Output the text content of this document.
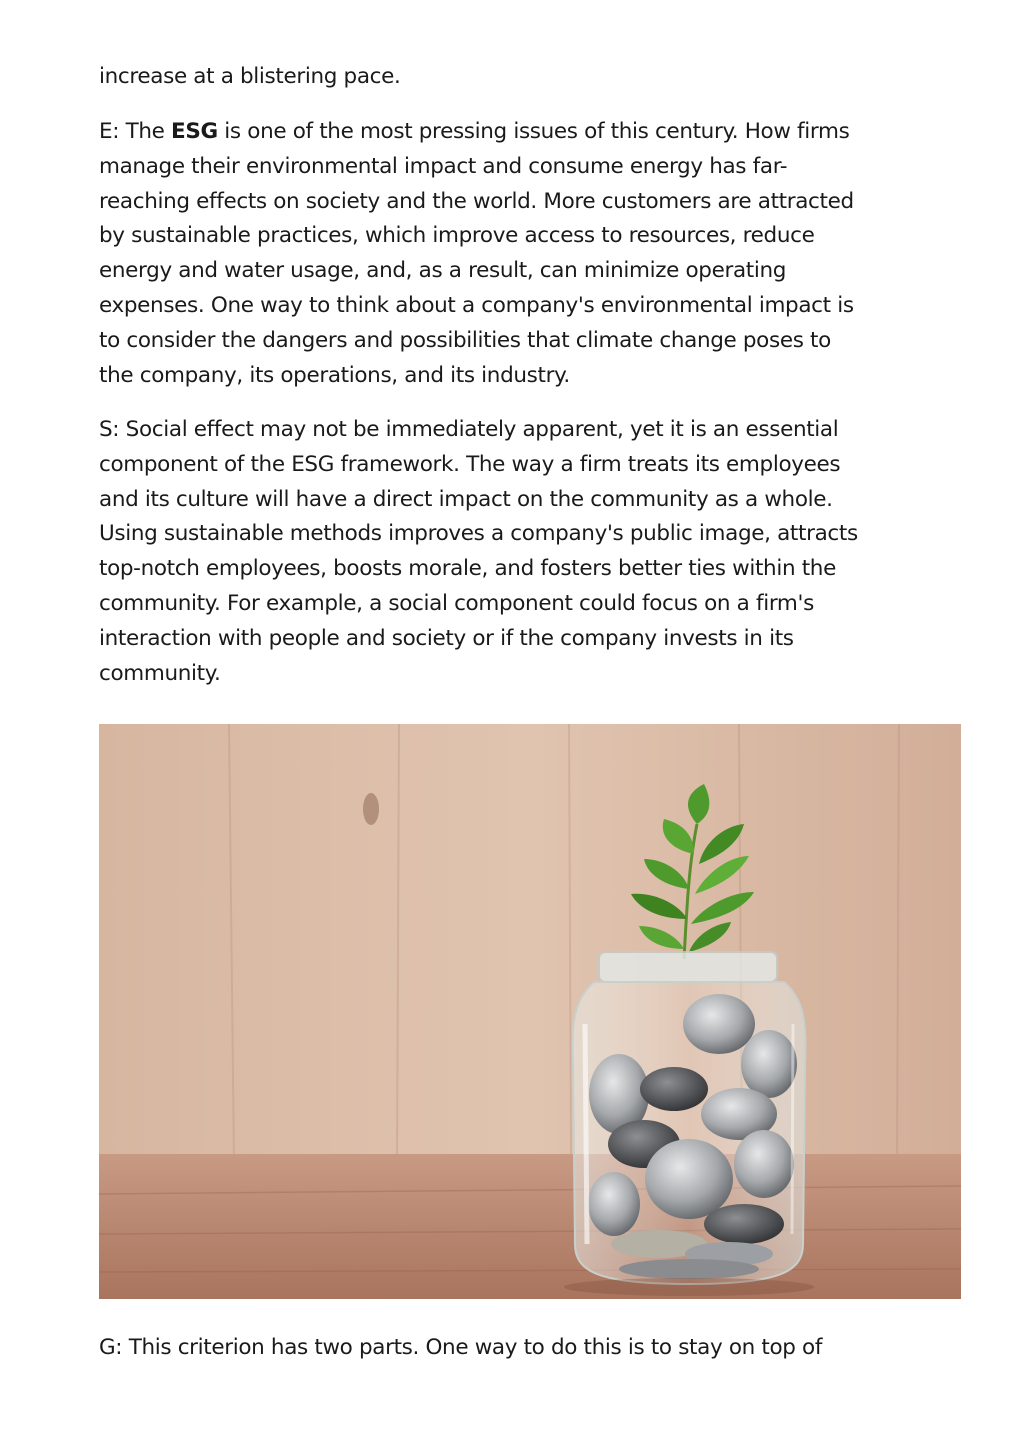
increase at a blistering pace.

E: The ESG is one of the most pressing issues of this century. How firms
manage their environmental impact and consume energy has far-
reaching effects on society and the world. More customers are attracted
by sustainable practices, which improve access to resources, reduce
energy and water usage, and, as a result, can minimize operating
expenses. One way to think about a company's environmental impact is
to consider the dangers and possibilities that climate change poses to
the company, its operations, and its industry.

S: Social effect may not be immediately apparent, yet it is an essential
component of the ESG framework. The way a firm treats its employees
and its culture will have a direct impact on the community as a whole.
Using sustainable methods improves a company's public image, attracts
top-notch employees, boosts morale, and fosters better ties within the
community. For example, a social component could focus on a firm's
interaction with people and society or if the company invests in its
community.

G: This criterion has two parts. One way to do this is to stay on top of
